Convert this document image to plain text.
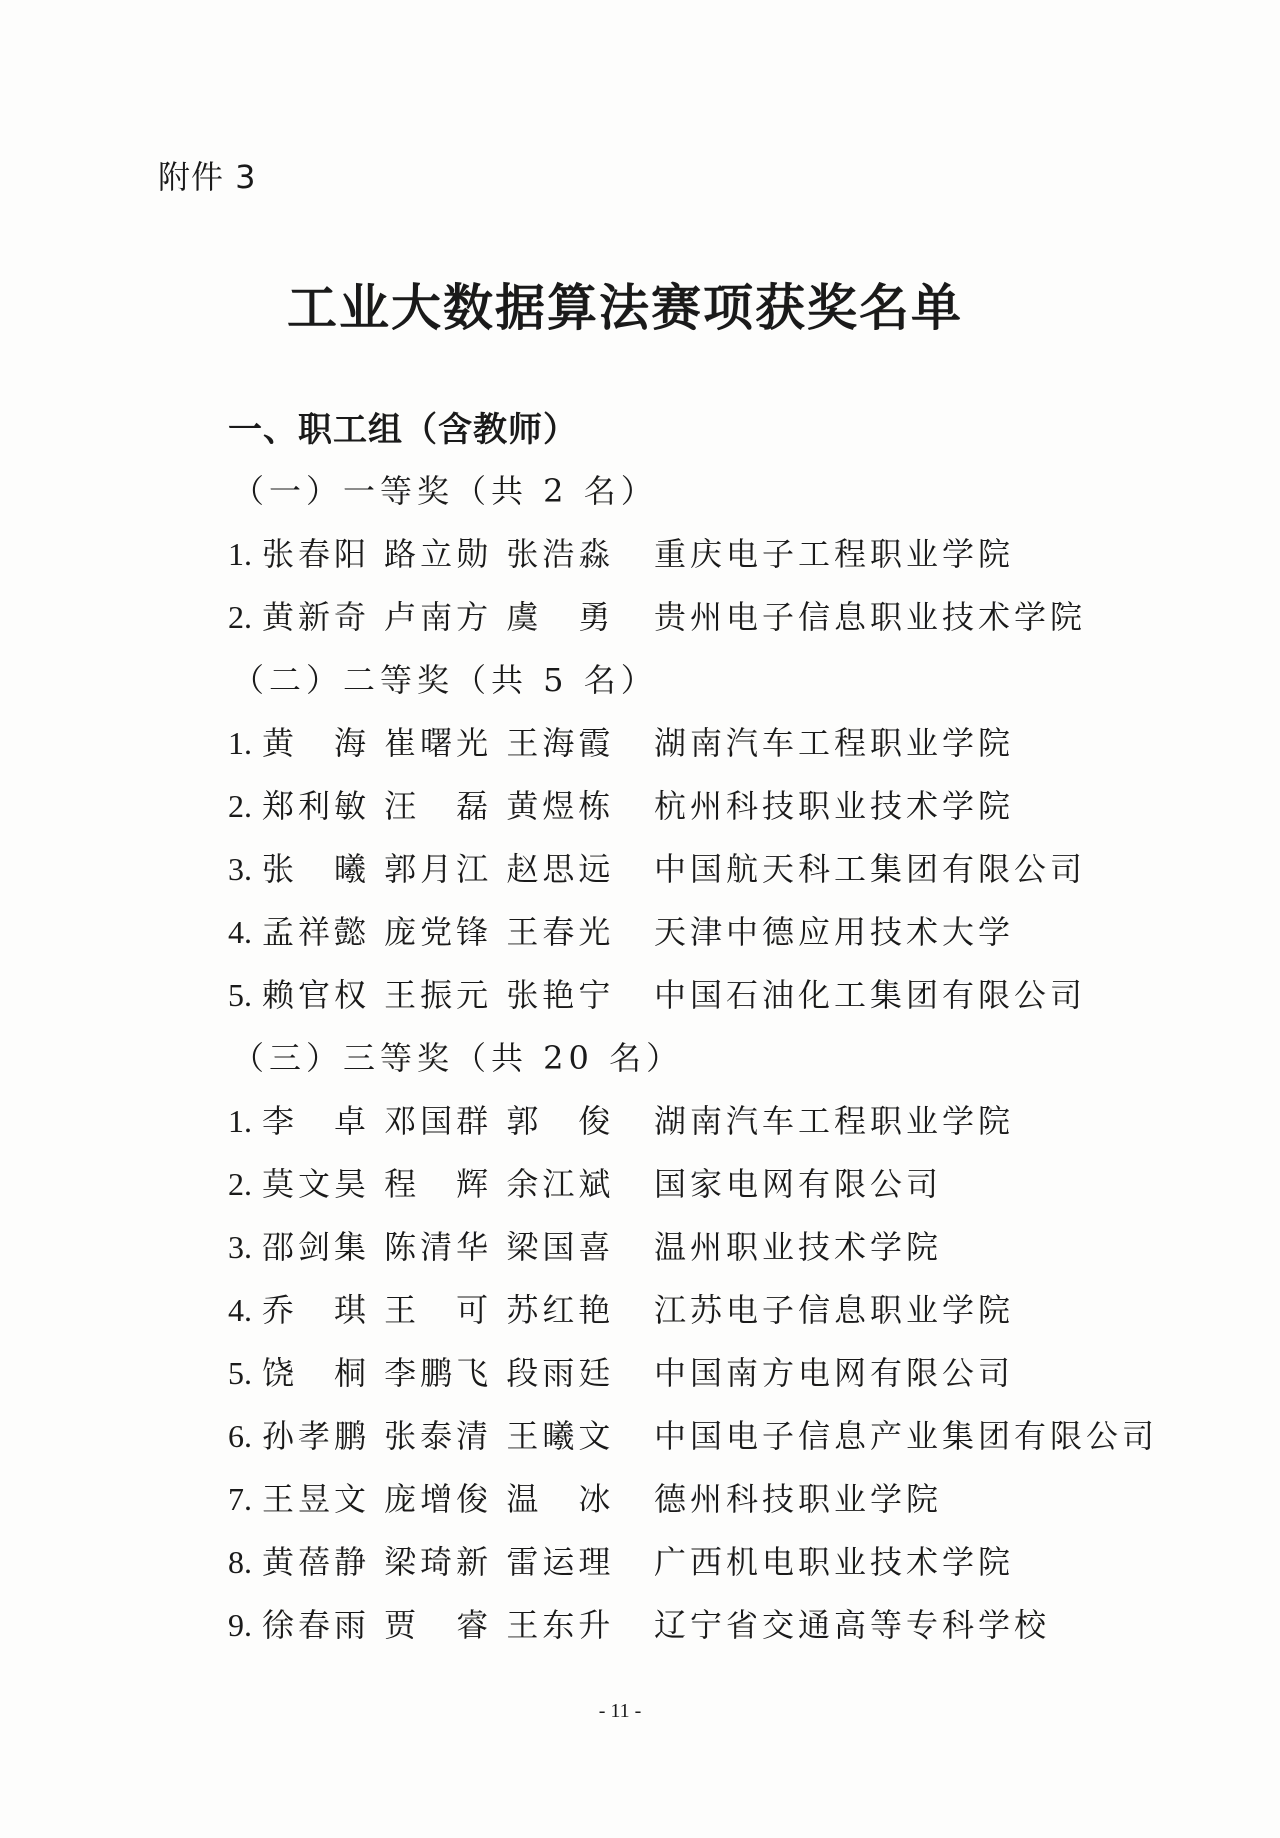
附件 3
工业大数据算法赛项获奖名单
一、职工组（含教师）
（一）一等奖（共 2 名）
1. 张春阳 路立勋 张浩淼 重庆电子工程职业学院
2. 黄新奇 卢南方 虞　勇 贵州电子信息职业技术学院
（二）二等奖（共 5 名）
1. 黄　海 崔曙光 王海霞 湖南汽车工程职业学院
2. 郑利敏 汪　磊 黄煜栋 杭州科技职业技术学院
3. 张　曦 郭月江 赵思远 中国航天科工集团有限公司
4. 孟祥懿 庞党锋 王春光 天津中德应用技术大学
5. 赖官权 王振元 张艳宁 中国石油化工集团有限公司
（三）三等奖（共 20 名）
1. 李　卓 邓国群 郭　俊 湖南汽车工程职业学院
2. 莫文昊 程　辉 余江斌 国家电网有限公司
3. 邵剑集 陈清华 梁国喜 温州职业技术学院
4. 乔　琪 王　可 苏红艳 江苏电子信息职业学院
5. 饶　桐 李鹏飞 段雨廷 中国南方电网有限公司
6. 孙孝鹏 张泰清 王曦文 中国电子信息产业集团有限公司
7. 王昱文 庞增俊 温　冰 德州科技职业学院
8. 黄蓓静 梁琦新 雷运理 广西机电职业技术学院
9. 徐春雨 贾　睿 王东升 辽宁省交通高等专科学校
- 11 -
